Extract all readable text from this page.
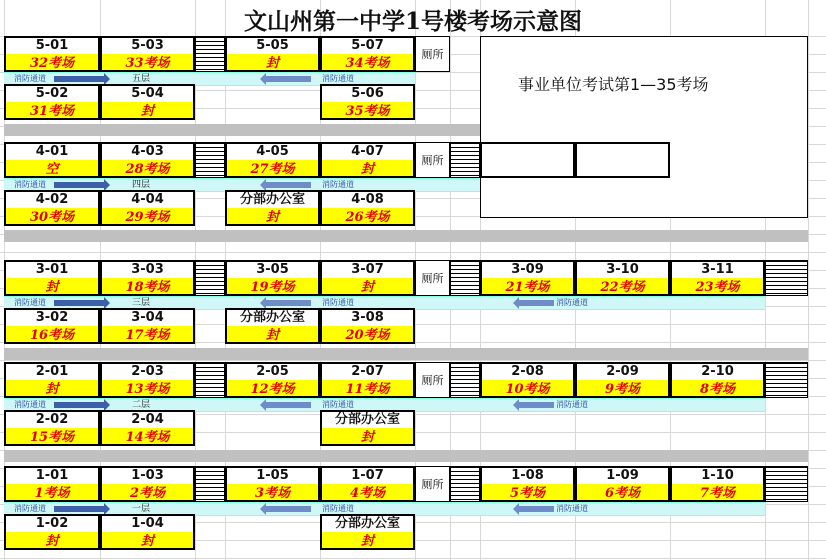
文山州第一中学1号楼考场示意图
5-01
32考场
5-03
33考场
5-05
封
5-07
34考场
厕所
消防通道	五层	消防通道
5-02
31考场
5-04
封
5-06
35考场
4-01
空
4-03
28考场
4-05
27考场
4-07
封
厕所
消防通道	四层	消防通道
4-02
30考场
4-04
29考场
分部办公室
封
4-08
26考场
3-01
封
3-03
18考场
3-05
19考场
3-07
封
3-09
21考场
3-10
22考场
3-11
23考场
厕所
消防通道	三层	消防通道	消防通道
3-02
16考场
3-04
17考场
分部办公室
封
3-08
20考场
2-01
封
2-03
13考场
2-05
12考场
2-07
11考场
2-08
10考场
2-09
9考场
2-10
8考场
厕所
消防通道	二层	消防通道	消防通道
2-02
15考场
2-04
14考场
分部办公室
封
1-01
1考场
1-03
2考场
1-05
3考场
1-07
4考场
1-08
5考场
1-09
6考场
1-10
7考场
厕所
消防通道	一层	消防通道	消防通道
1-02
封
1-04
封
分部办公室
封
事业单位考试第1—35考场
